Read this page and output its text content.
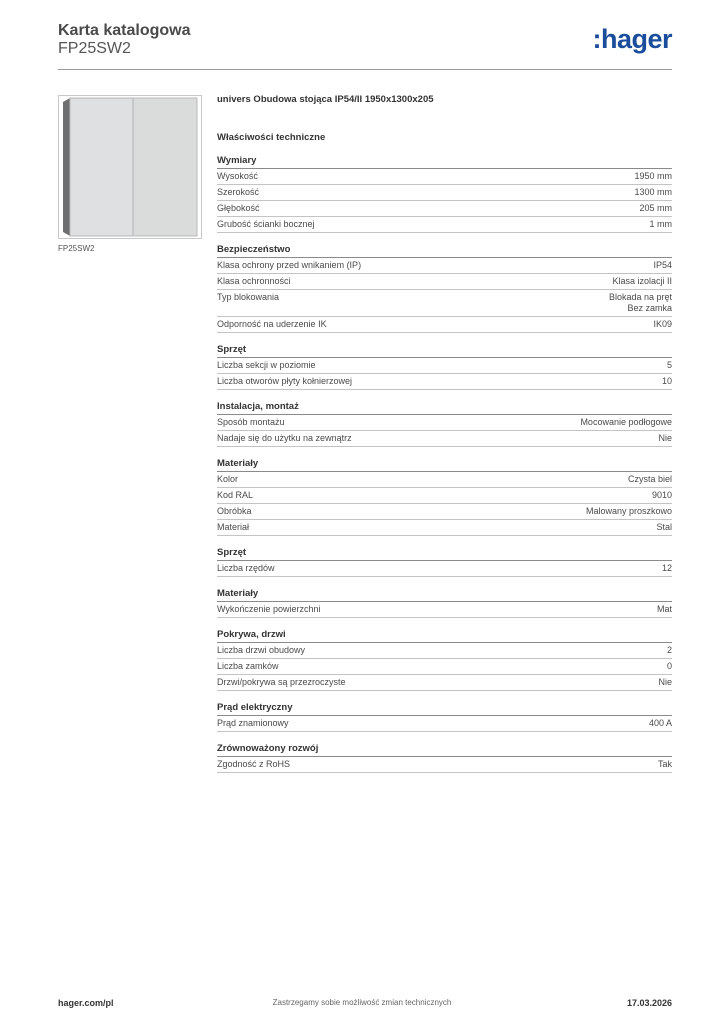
Karta katalogowa
FP25SW2	:hager
FP25SW2
univers Obudowa stojąca IP54/II 1950x1300x205
Właściwości techniczne
Wymiary
Wysokość	1950 mm
Szerokość	1300 mm
Głębokość	205 mm
Grubość ścianki bocznej	1 mm
Bezpieczeństwo
Klasa ochrony przed wnikaniem (IP)	IP54
Klasa ochronności	Klasa izolacji II
Typ blokowania	Blokada na pręt
Bez zamka
Odporność na uderzenie IK	IK09
Sprzęt
Liczba sekcji w poziomie	5
Liczba otworów płyty kołnierzowej	10
Instalacja, montaż
Sposób montażu	Mocowanie podłogowe
Nadaje się do użytku na zewnątrz	Nie
Materiały
Kolor	Czysta biel
Kod RAL	9010
Obróbka	Malowany proszkowo
Materiał	Stal
Sprzęt
Liczba rzędów	12
Materiały
Wykończenie powierzchni	Mat
Pokrywa, drzwi
Liczba drzwi obudowy	2
Liczba zamków	0
Drzwi/pokrywa są przezroczyste	Nie
Prąd elektryczny
Prąd znamionowy	400 A
Zrównoważony rozwój
Zgodność z RoHS	Tak
hager.com/pl	Zastrzegamy sobie możliwość zmian technicznych	17.03.2026
